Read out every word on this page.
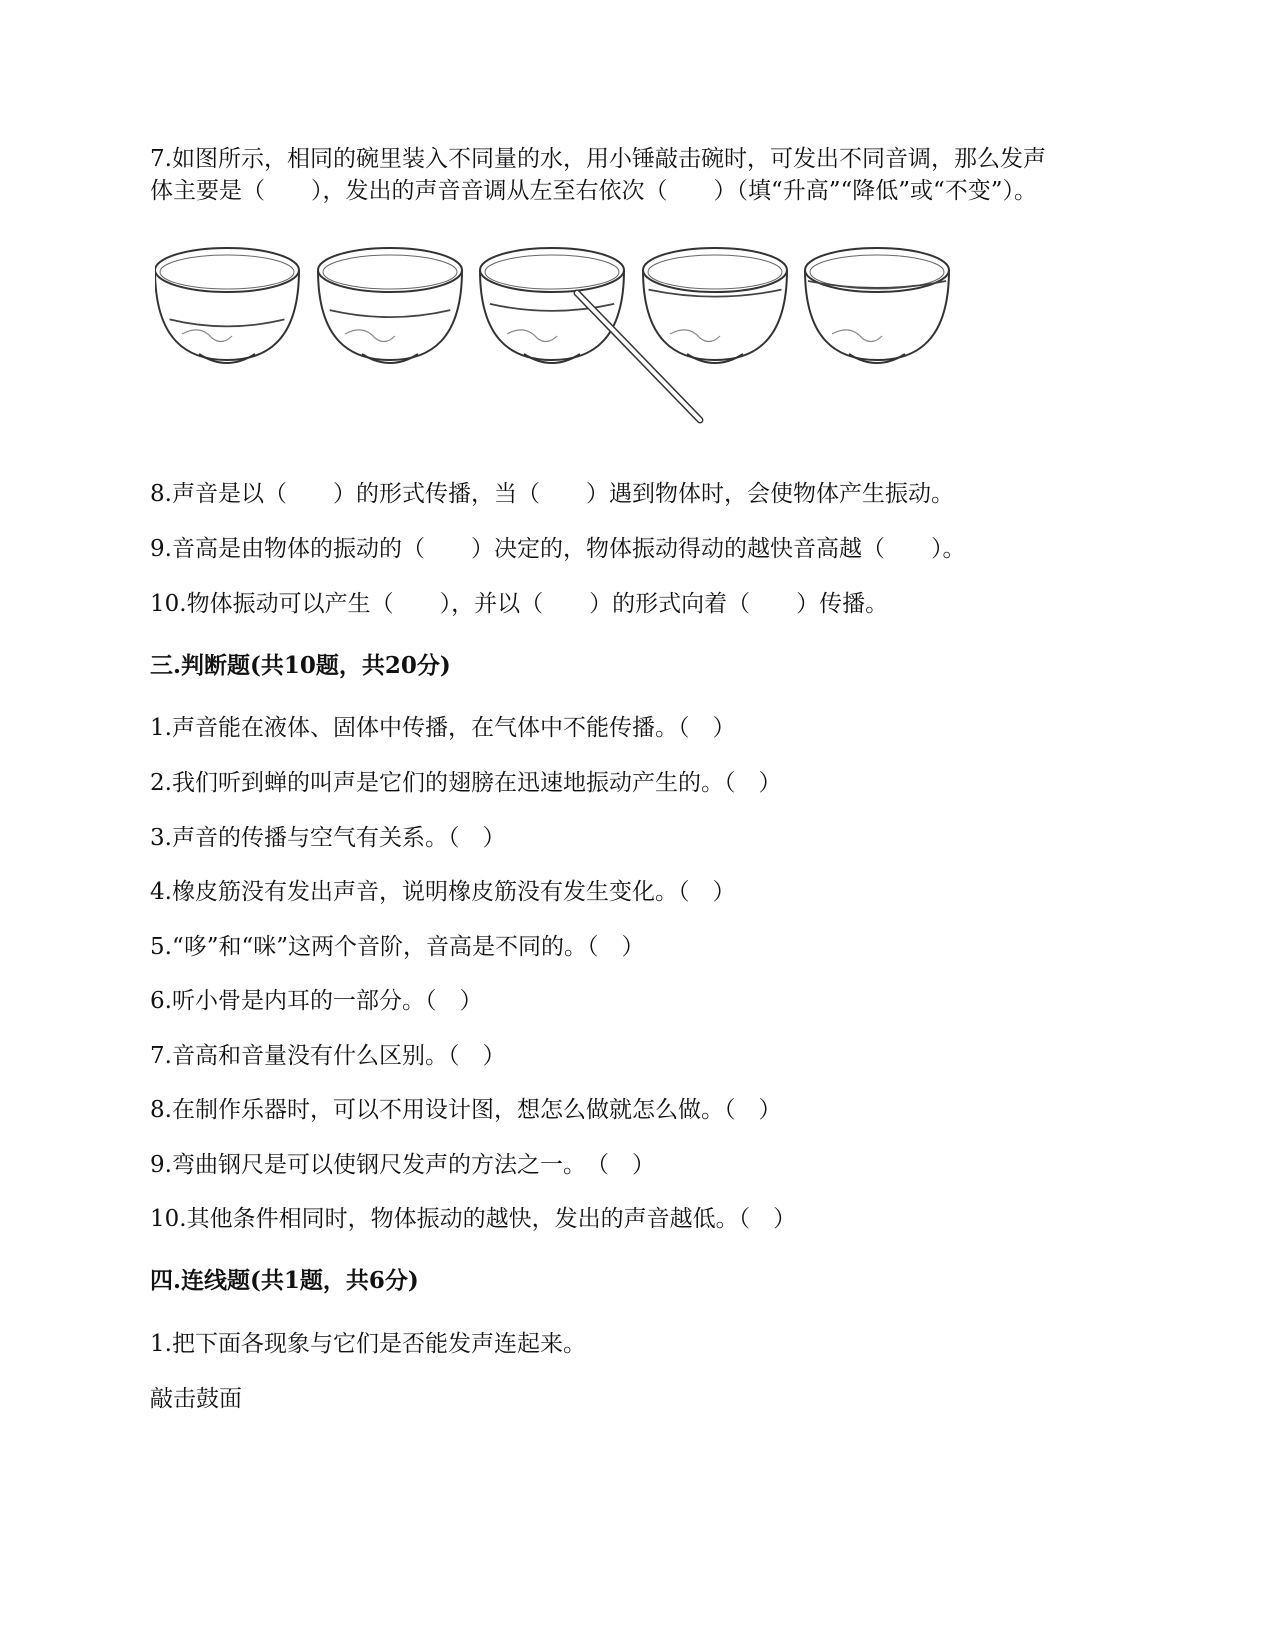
7.如图所示，相同的碗里装入不同量的水，用小锤敲击碗时，可发出不同音调，那么发声
体主要是（　　），发出的声音音调从左至右依次（　　）（填“升高”“降低”或“不变”）。
8.声音是以（　　）的形式传播，当（　　）遇到物体时，会使物体产生振动。
9.音高是由物体的振动的（　　）决定的，物体振动得动的越快音高越（　　）。
10.物体振动可以产生（　　），并以（　　）的形式向着（　　）传播。
三.判断题(共10题，共20分)
1.声音能在液体、固体中传播，在气体中不能传播。（　）
2.我们听到蝉的叫声是它们的翅膀在迅速地振动产生的。（　）
3.声音的传播与空气有关系。（　）
4.橡皮筋没有发出声音，说明橡皮筋没有发生变化。（　）
5.“哆”和“咪”这两个音阶，音高是不同的。（　）
6.听小骨是内耳的一部分。（　）
7.音高和音量没有什么区别。（　）
8.在制作乐器时，可以不用设计图，想怎么做就怎么做。（　）
9.弯曲钢尺是可以使钢尺发声的方法之一。　（　）
10.其他条件相同时，物体振动的越快，发出的声音越低。（　）
四.连线题(共1题，共6分)
1.把下面各现象与它们是否能发声连起来。
敲击鼓面
